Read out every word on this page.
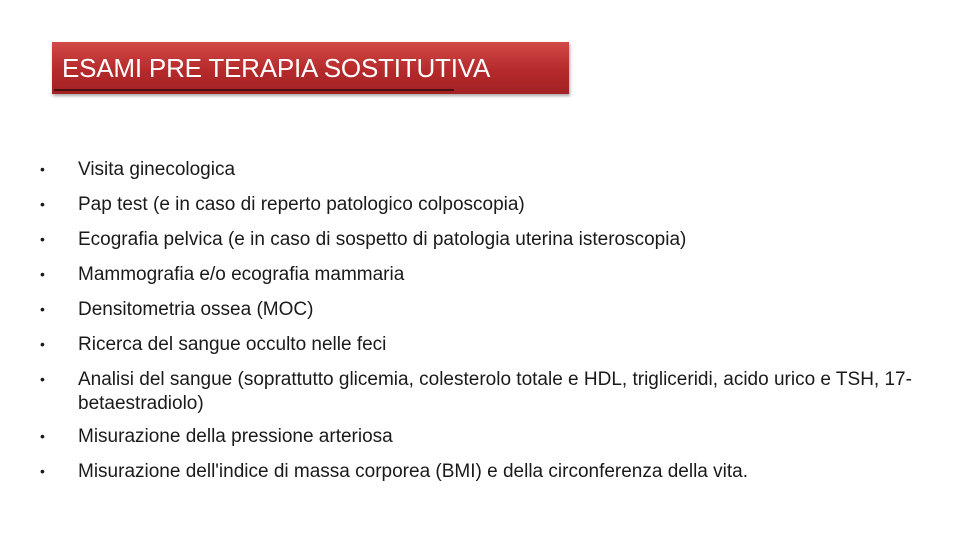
ESAMI PRE TERAPIA SOSTITUTIVA
• Visita ginecologica
• Pap test (e in caso di reperto patologico colposcopia)
• Ecografia pelvica (e in caso di sospetto di patologia uterina isteroscopia)
• Mammografia e/o ecografia mammaria
• Densitometria ossea (MOC)
• Ricerca del sangue occulto nelle feci
• Analisi del sangue (soprattutto glicemia, colesterolo totale e HDL, trigliceridi, acido urico e TSH, 17-betaestradiolo)
• Misurazione della pressione arteriosa
• Misurazione dell'indice di massa corporea (BMI) e della circonferenza della vita.
